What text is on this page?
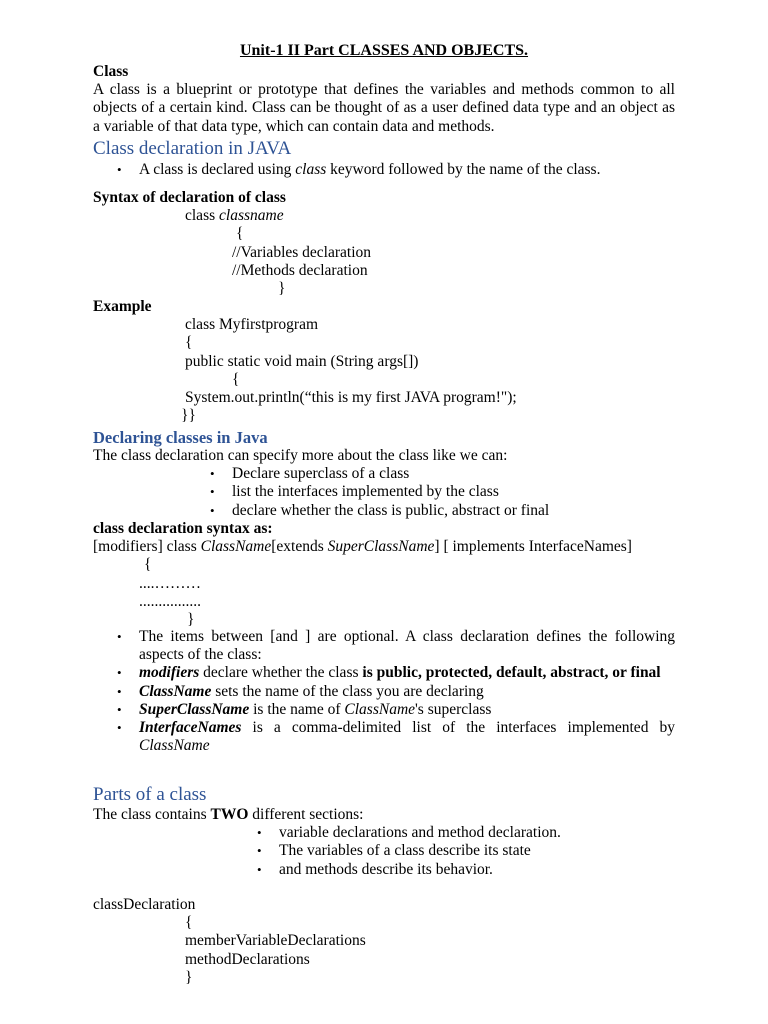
Unit-1 II Part CLASSES AND OBJECTS.

Class

A class is a blueprint or prototype that defines the variables and methods common to all objects of a certain kind. Class can be thought of as a user defined data type and an object as a variable of that data type, which can contain data and methods.

Class declaration in JAVA

• A class is declared using class keyword followed by the name of the class.

Syntax of declaration of class

class classname

{

//Variables declaration

//Methods declaration

}

Example

class Myfirstprogram

{

public static void main (String args[])

{

System.out.println(“this is my first JAVA program!");

}}

Declaring classes in Java

The class declaration can specify more about the class like we can:

• Declare superclass of a class
• list the interfaces implemented by the class
• declare whether the class is public, abstract or final

class declaration syntax as:

[modifiers] class ClassName[extends SuperClassName] [ implements InterfaceNames]

{

....………

................

}

• The items between [and ] are optional. A class declaration defines the following aspects of the class:
• modifiers declare whether the class is public, protected, default, abstract, or final
• ClassName sets the name of the class you are declaring
• SuperClassName is the name of ClassName's superclass
• InterfaceNames is a comma-delimited list of the interfaces implemented by ClassName

Parts of a class

The class contains TWO different sections:

• variable declarations and method declaration.
• The variables of a class describe its state
• and methods describe its behavior.

classDeclaration

{

memberVariableDeclarations

methodDeclarations

}
